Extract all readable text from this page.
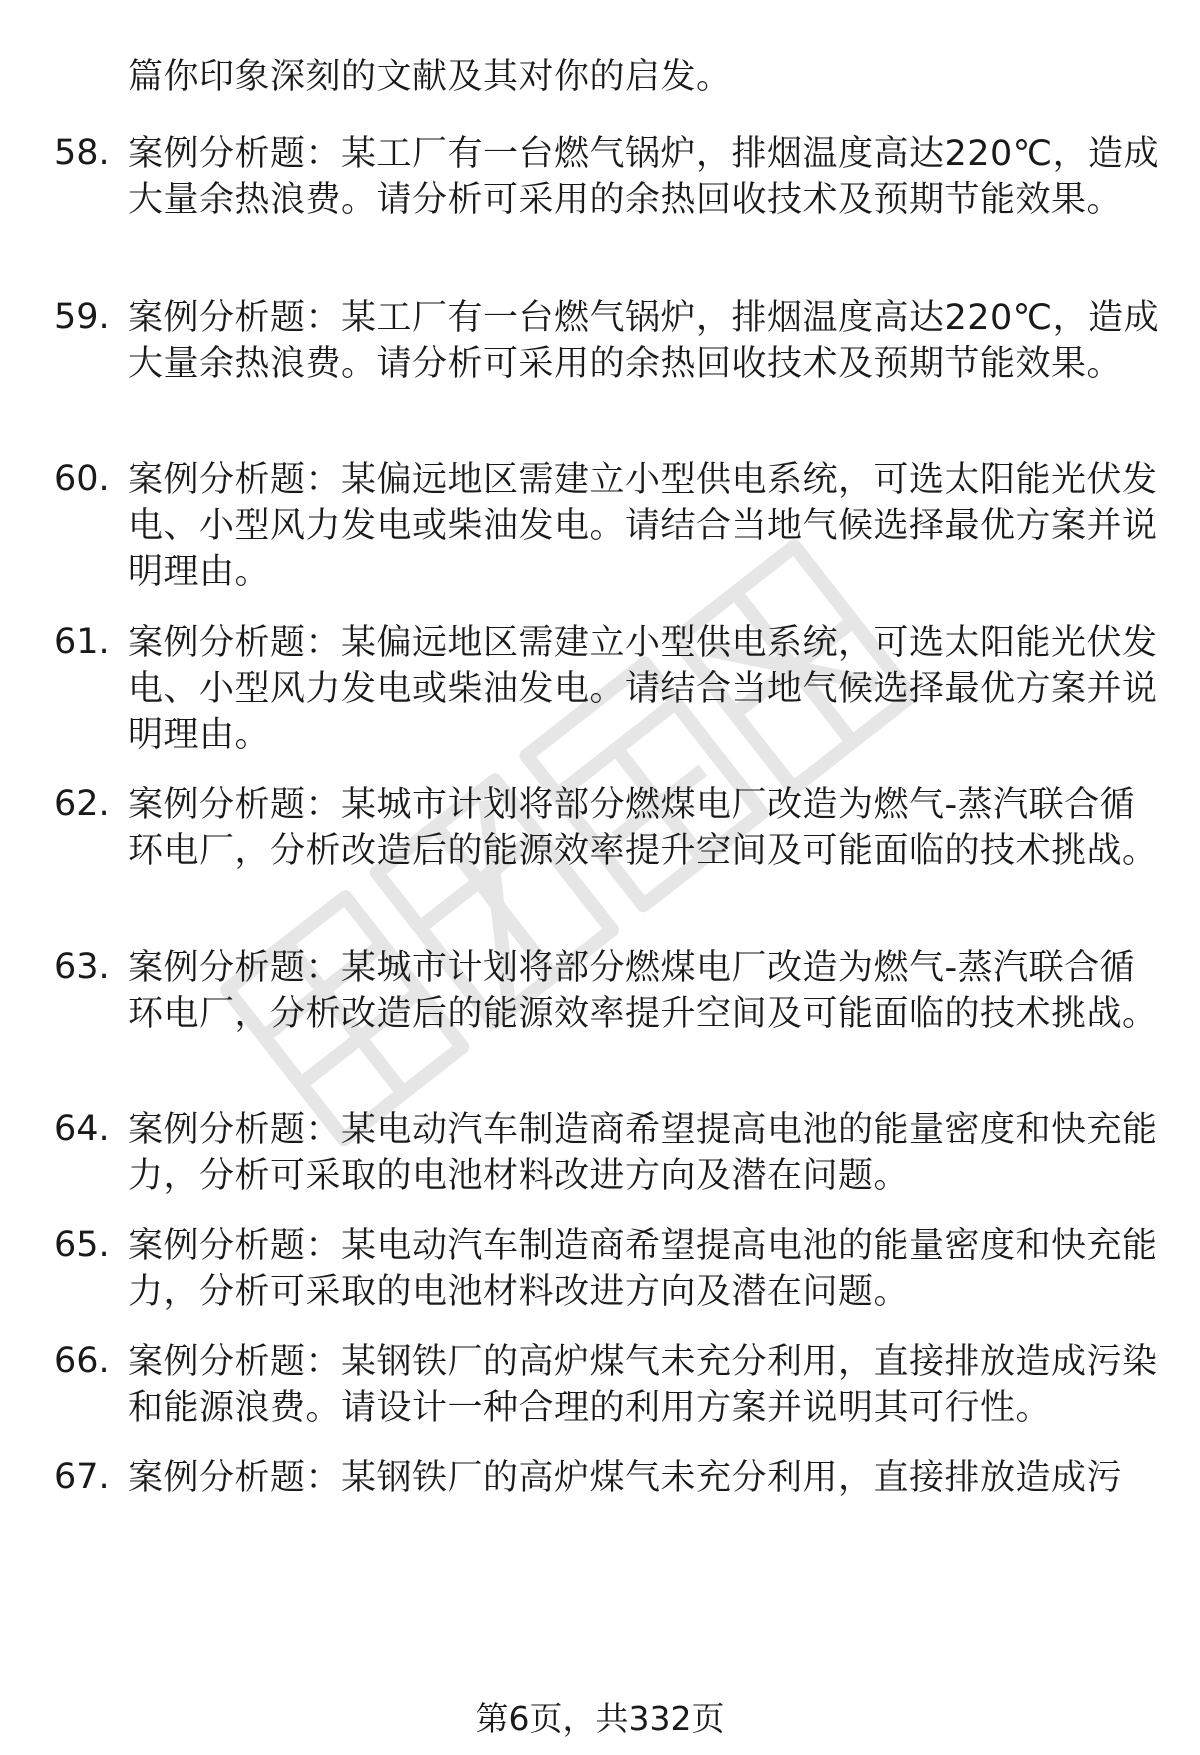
篇你印象深刻的文献及其对你的启发。
58. 案例分析题：某工厂有一台燃气锅炉，排烟温度高达220℃，造成大量余热浪费。请分析可采用的余热回收技术及预期节能效果。
59. 案例分析题：某工厂有一台燃气锅炉，排烟温度高达220℃，造成大量余热浪费。请分析可采用的余热回收技术及预期节能效果。
60. 案例分析题：某偏远地区需建立小型供电系统，可选太阳能光伏发电、小型风力发电或柴油发电。请结合当地气候选择最优方案并说明理由。
61. 案例分析题：某偏远地区需建立小型供电系统，可选太阳能光伏发电、小型风力发电或柴油发电。请结合当地气候选择最优方案并说明理由。
62. 案例分析题：某城市计划将部分燃煤电厂改造为燃气-蒸汽联合循环电厂，分析改造后的能源效率提升空间及可能面临的技术挑战。
63. 案例分析题：某城市计划将部分燃煤电厂改造为燃气-蒸汽联合循环电厂，分析改造后的能源效率提升空间及可能面临的技术挑战。
64. 案例分析题：某电动汽车制造商希望提高电池的能量密度和快充能力，分析可采取的电池材料改进方向及潜在问题。
65. 案例分析题：某电动汽车制造商希望提高电池的能量密度和快充能力，分析可采取的电池材料改进方向及潜在问题。
66. 案例分析题：某钢铁厂的高炉煤气未充分利用，直接排放造成污染和能源浪费。请设计一种合理的利用方案并说明其可行性。
67. 案例分析题：某钢铁厂的高炉煤气未充分利用，直接排放造成污
第6页，共332页
